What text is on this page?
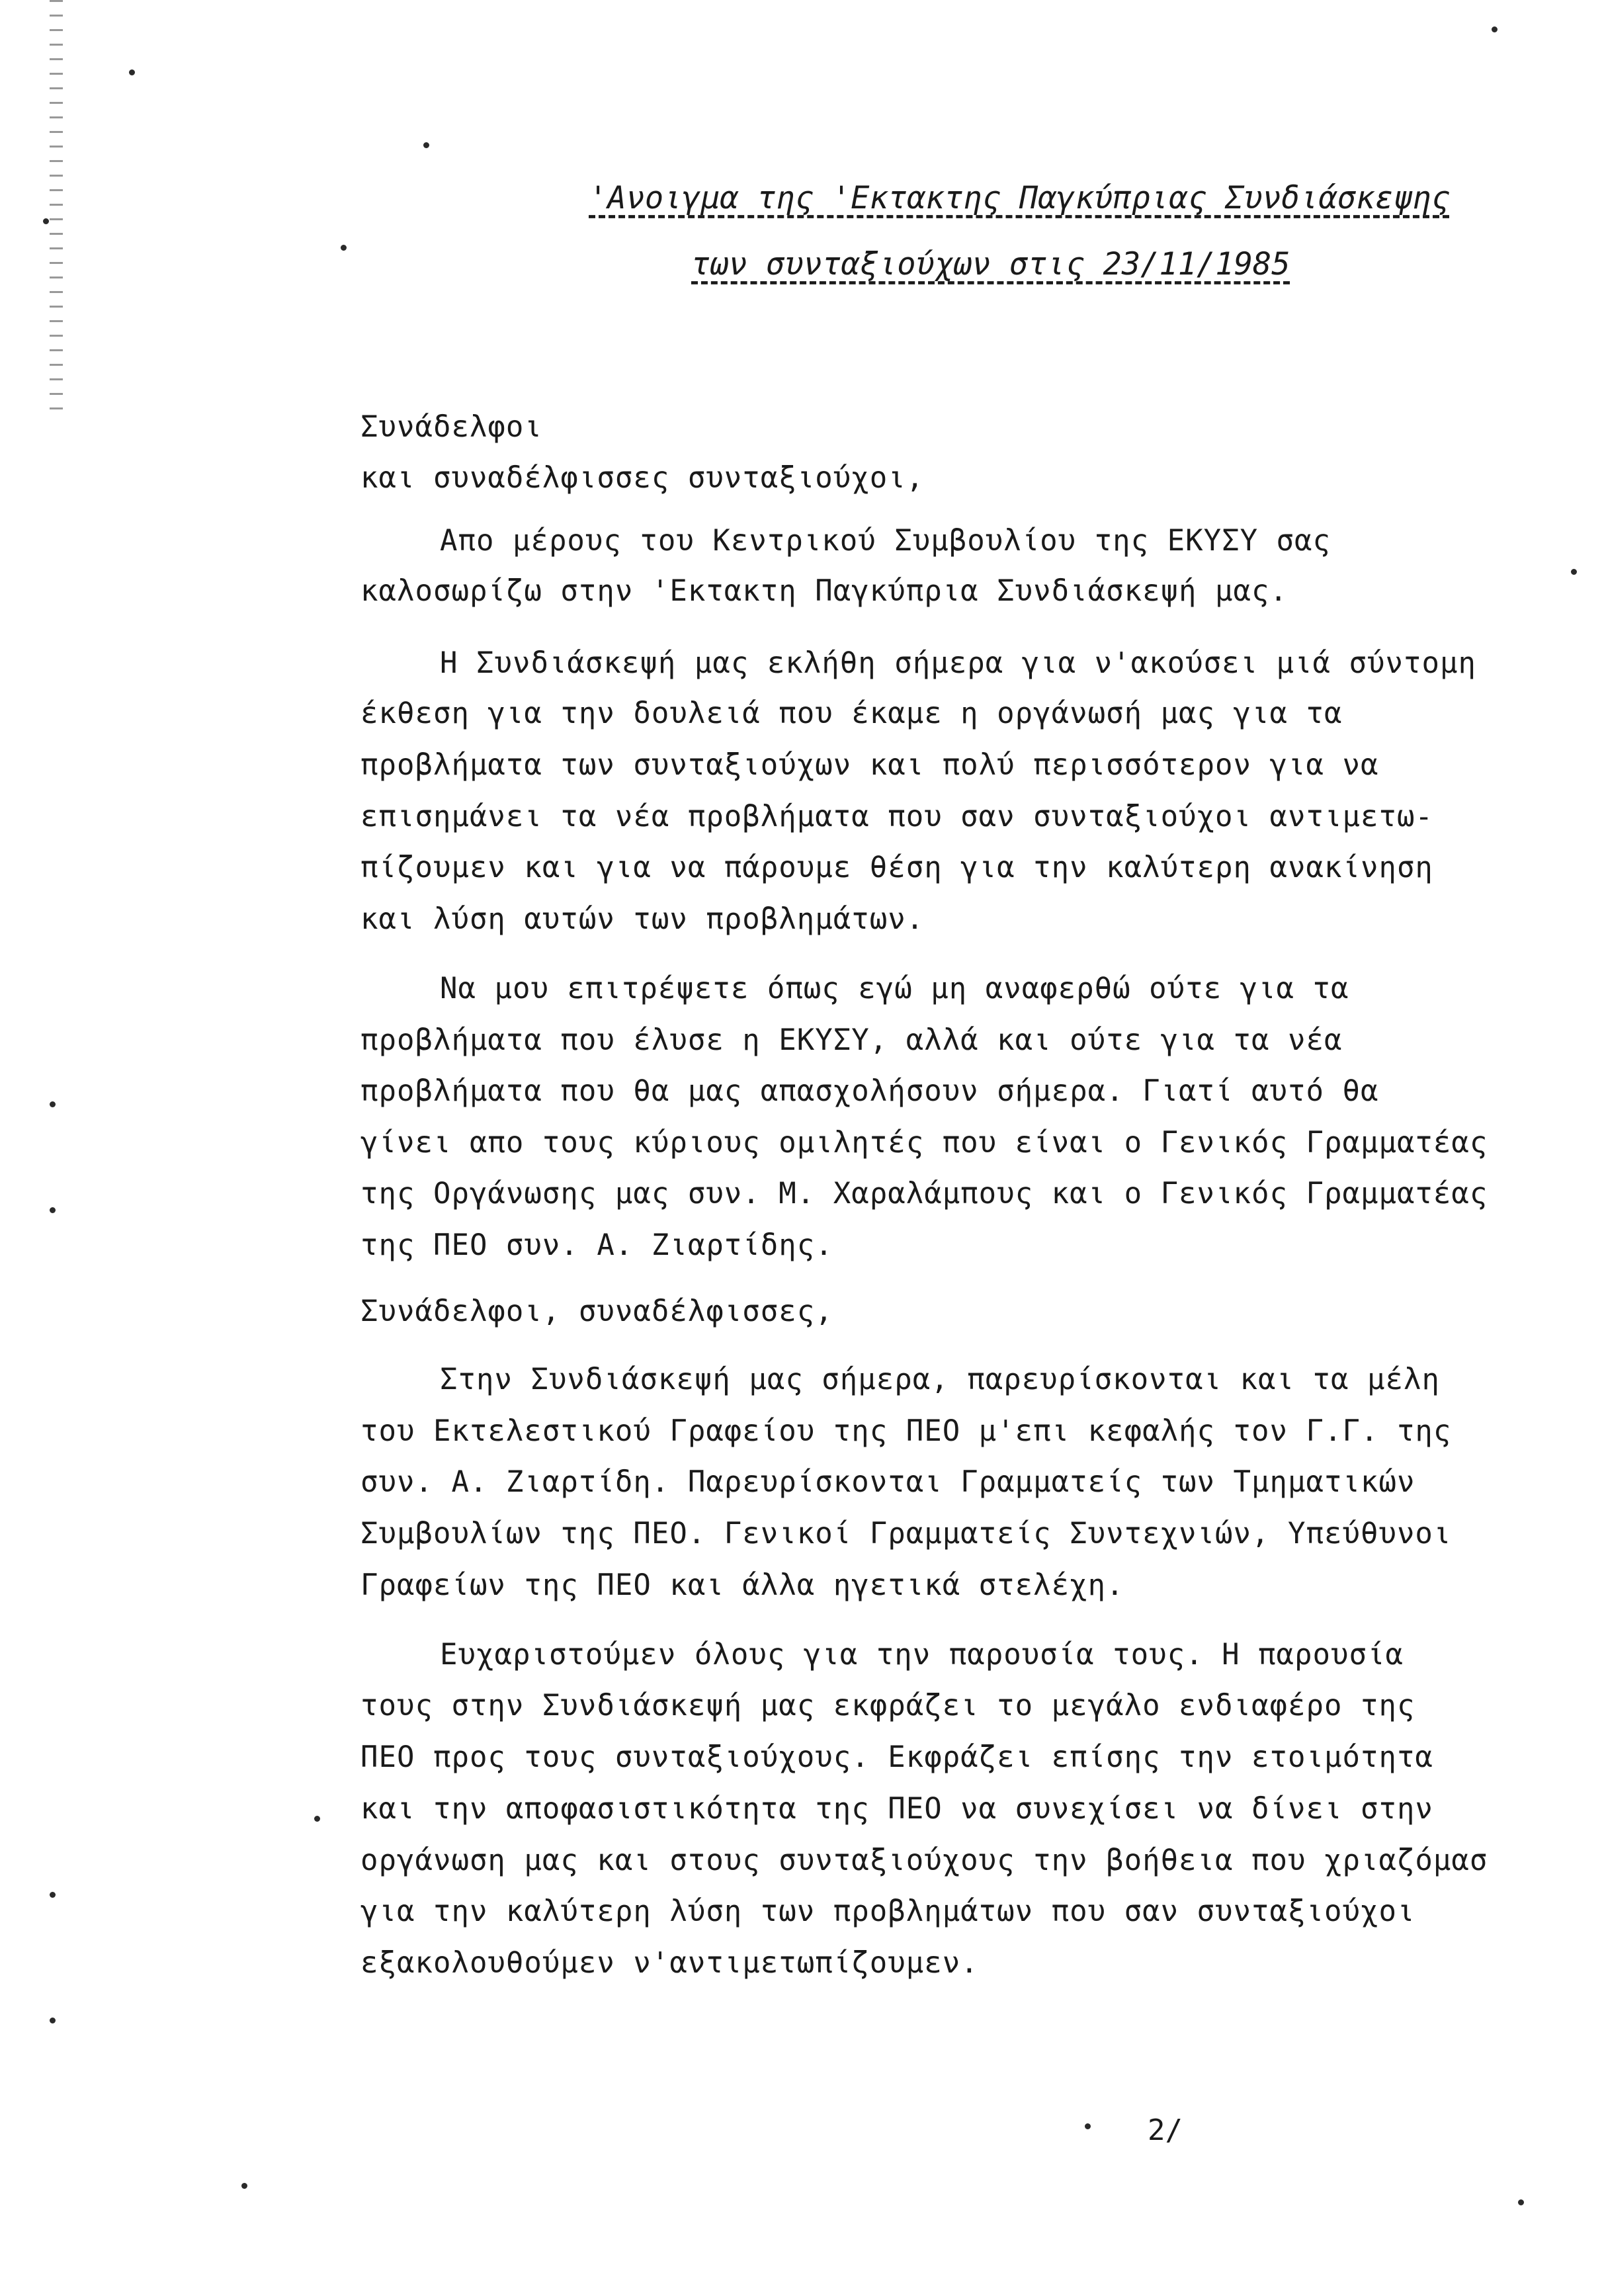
'Ανοιγμα της 'Εκτακτης Παγκύπριας Συνδιάσκεψης
των συνταξιούχων στις 23/11/1985
Συνάδελφοι
και συναδέλφισσες συνταξιούχοι,
Απο μέρους του Κεντρικού Συμβουλίου της ΕΚΥΣΥ σας
καλοσωρίζω στην 'Εκτακτη Παγκύπρια Συνδιάσκεψή μας.
Η Συνδιάσκεψή μας εκλήθη σήμερα για ν'ακούσει μιά σύντομη
έκθεση για την δουλειά που έκαμε η οργάνωσή μας για τα
προβλήματα των συνταξιούχων και πολύ περισσότερον για να
επισημάνει τα νέα προβλήματα που σαν συνταξιούχοι αντιμετω-
πίζουμεν και για να πάρουμε θέση για την καλύτερη ανακίνηση
και λύση αυτών των προβλημάτων.
Να μου επιτρέψετε όπως εγώ μη αναφερθώ ούτε για τα
προβλήματα που έλυσε η ΕΚΥΣΥ, αλλά και ούτε για τα νέα
προβλήματα που θα μας απασχολήσουν σήμερα. Γιατί αυτό θα
γίνει απο τους κύριους ομιλητές που είναι ο Γενικός Γραμματέας
της Οργάνωσης μας συν. Μ. Χαραλάμπους και ο Γενικός Γραμματέας
της ΠΕΟ συν. Α. Ζιαρτίδης.
Συνάδελφοι, συναδέλφισσες,
Στην Συνδιάσκεψή μας σήμερα, παρευρίσκονται και τα μέλη
του Εκτελεστικού Γραφείου της ΠΕΟ μ'επι κεφαλής τον Γ.Γ. της
συν. Α. Ζιαρτίδη. Παρευρίσκονται Γραμματείς των Τμηματικών
Συμβουλίων της ΠΕΟ. Γενικοί Γραμματείς Συντεχνιών, Υπεύθυνοι
Γραφείων της ΠΕΟ και άλλα ηγετικά στελέχη.
Ευχαριστούμεν όλους για την παρουσία τους. Η παρουσία
τους στην Συνδιάσκεψή μας εκφράζει το μεγάλο ενδιαφέρο της
ΠΕΟ προς τους συνταξιούχους. Εκφράζει επίσης την ετοιμότητα
και την αποφασιστικότητα της ΠΕΟ να συνεχίσει να δίνει στην
οργάνωση μας και στους συνταξιούχους την βοήθεια που χριαζόμασ
για την καλύτερη λύση των προβλημάτων που σαν συνταξιούχοι
εξακολουθούμεν ν'αντιμετωπίζουμεν.
2/
